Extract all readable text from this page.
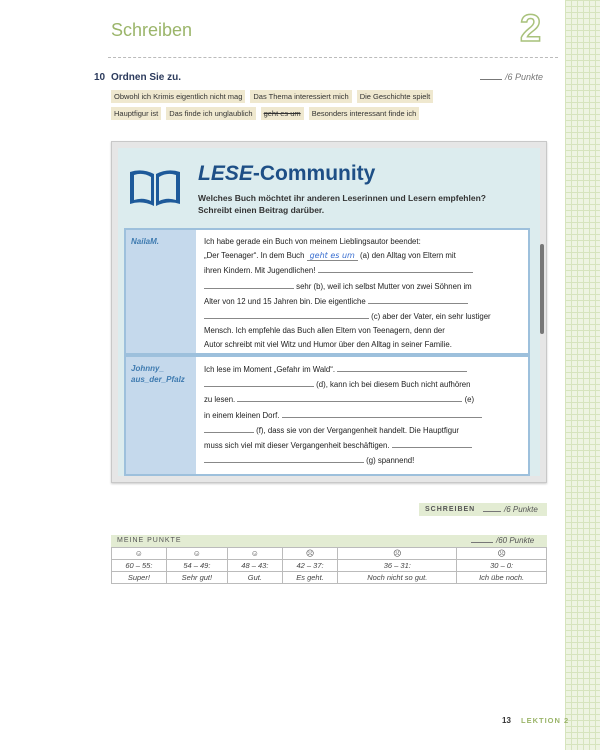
Schreiben	2
10 Ordnen Sie zu.	/6 Punkte
Obwohl ich Krimis eigentlich nicht mag	Das Thema interessiert mich	Die Geschichte spielt
Hauptfigur ist	Das finde ich unglaublich	geht es um	Besonders interessant finde ich
LESE-Community
Welches Buch möchtet ihr anderen Leserinnen und Lesern empfehlen?
Schreibt einen Beitrag darüber.
NailaM.	Ich habe gerade ein Buch von meinem Lieblingsautor beendet:
„Der Teenager“. In dem Buch geht es um (a) den Alltag von Eltern mit
ihren Kindern. Mit Jugendlichen!
sehr (b), weil ich selbst Mutter von zwei Söhnen im
Alter von 12 und 15 Jahren bin. Die eigentliche
(c) aber der Vater, ein sehr lustiger
Mensch. Ich empfehle das Buch allen Eltern von Teenagern, denn der
Autor schreibt mit viel Witz und Humor über den Alltag in seiner Familie.
Johnny_
aus_der_Pfalz
Ich lese im Moment „Gefahr im Wald“.
(d), kann ich bei diesem Buch nicht aufhören
zu lesen.	(e)
in einem kleinen Dorf.
(f), dass sie von der Vergangenheit handelt. Die Hauptfigur
muss sich viel mit dieser Vergangenheit beschäftigen.
(g) spannend!
SCHREIBEN	/6 Punkte
MEINE PUNKTE	/60 Punkte
☺	☺	☺	☹	☹	☹
60 – 55:	54 – 49:	48 – 43:	42 – 37:	36 – 31:	30 – 0:
Super!	Sehr gut!	Gut.	Es geht.	Noch nicht so gut.	Ich übe noch.
13 LEKTION 2
